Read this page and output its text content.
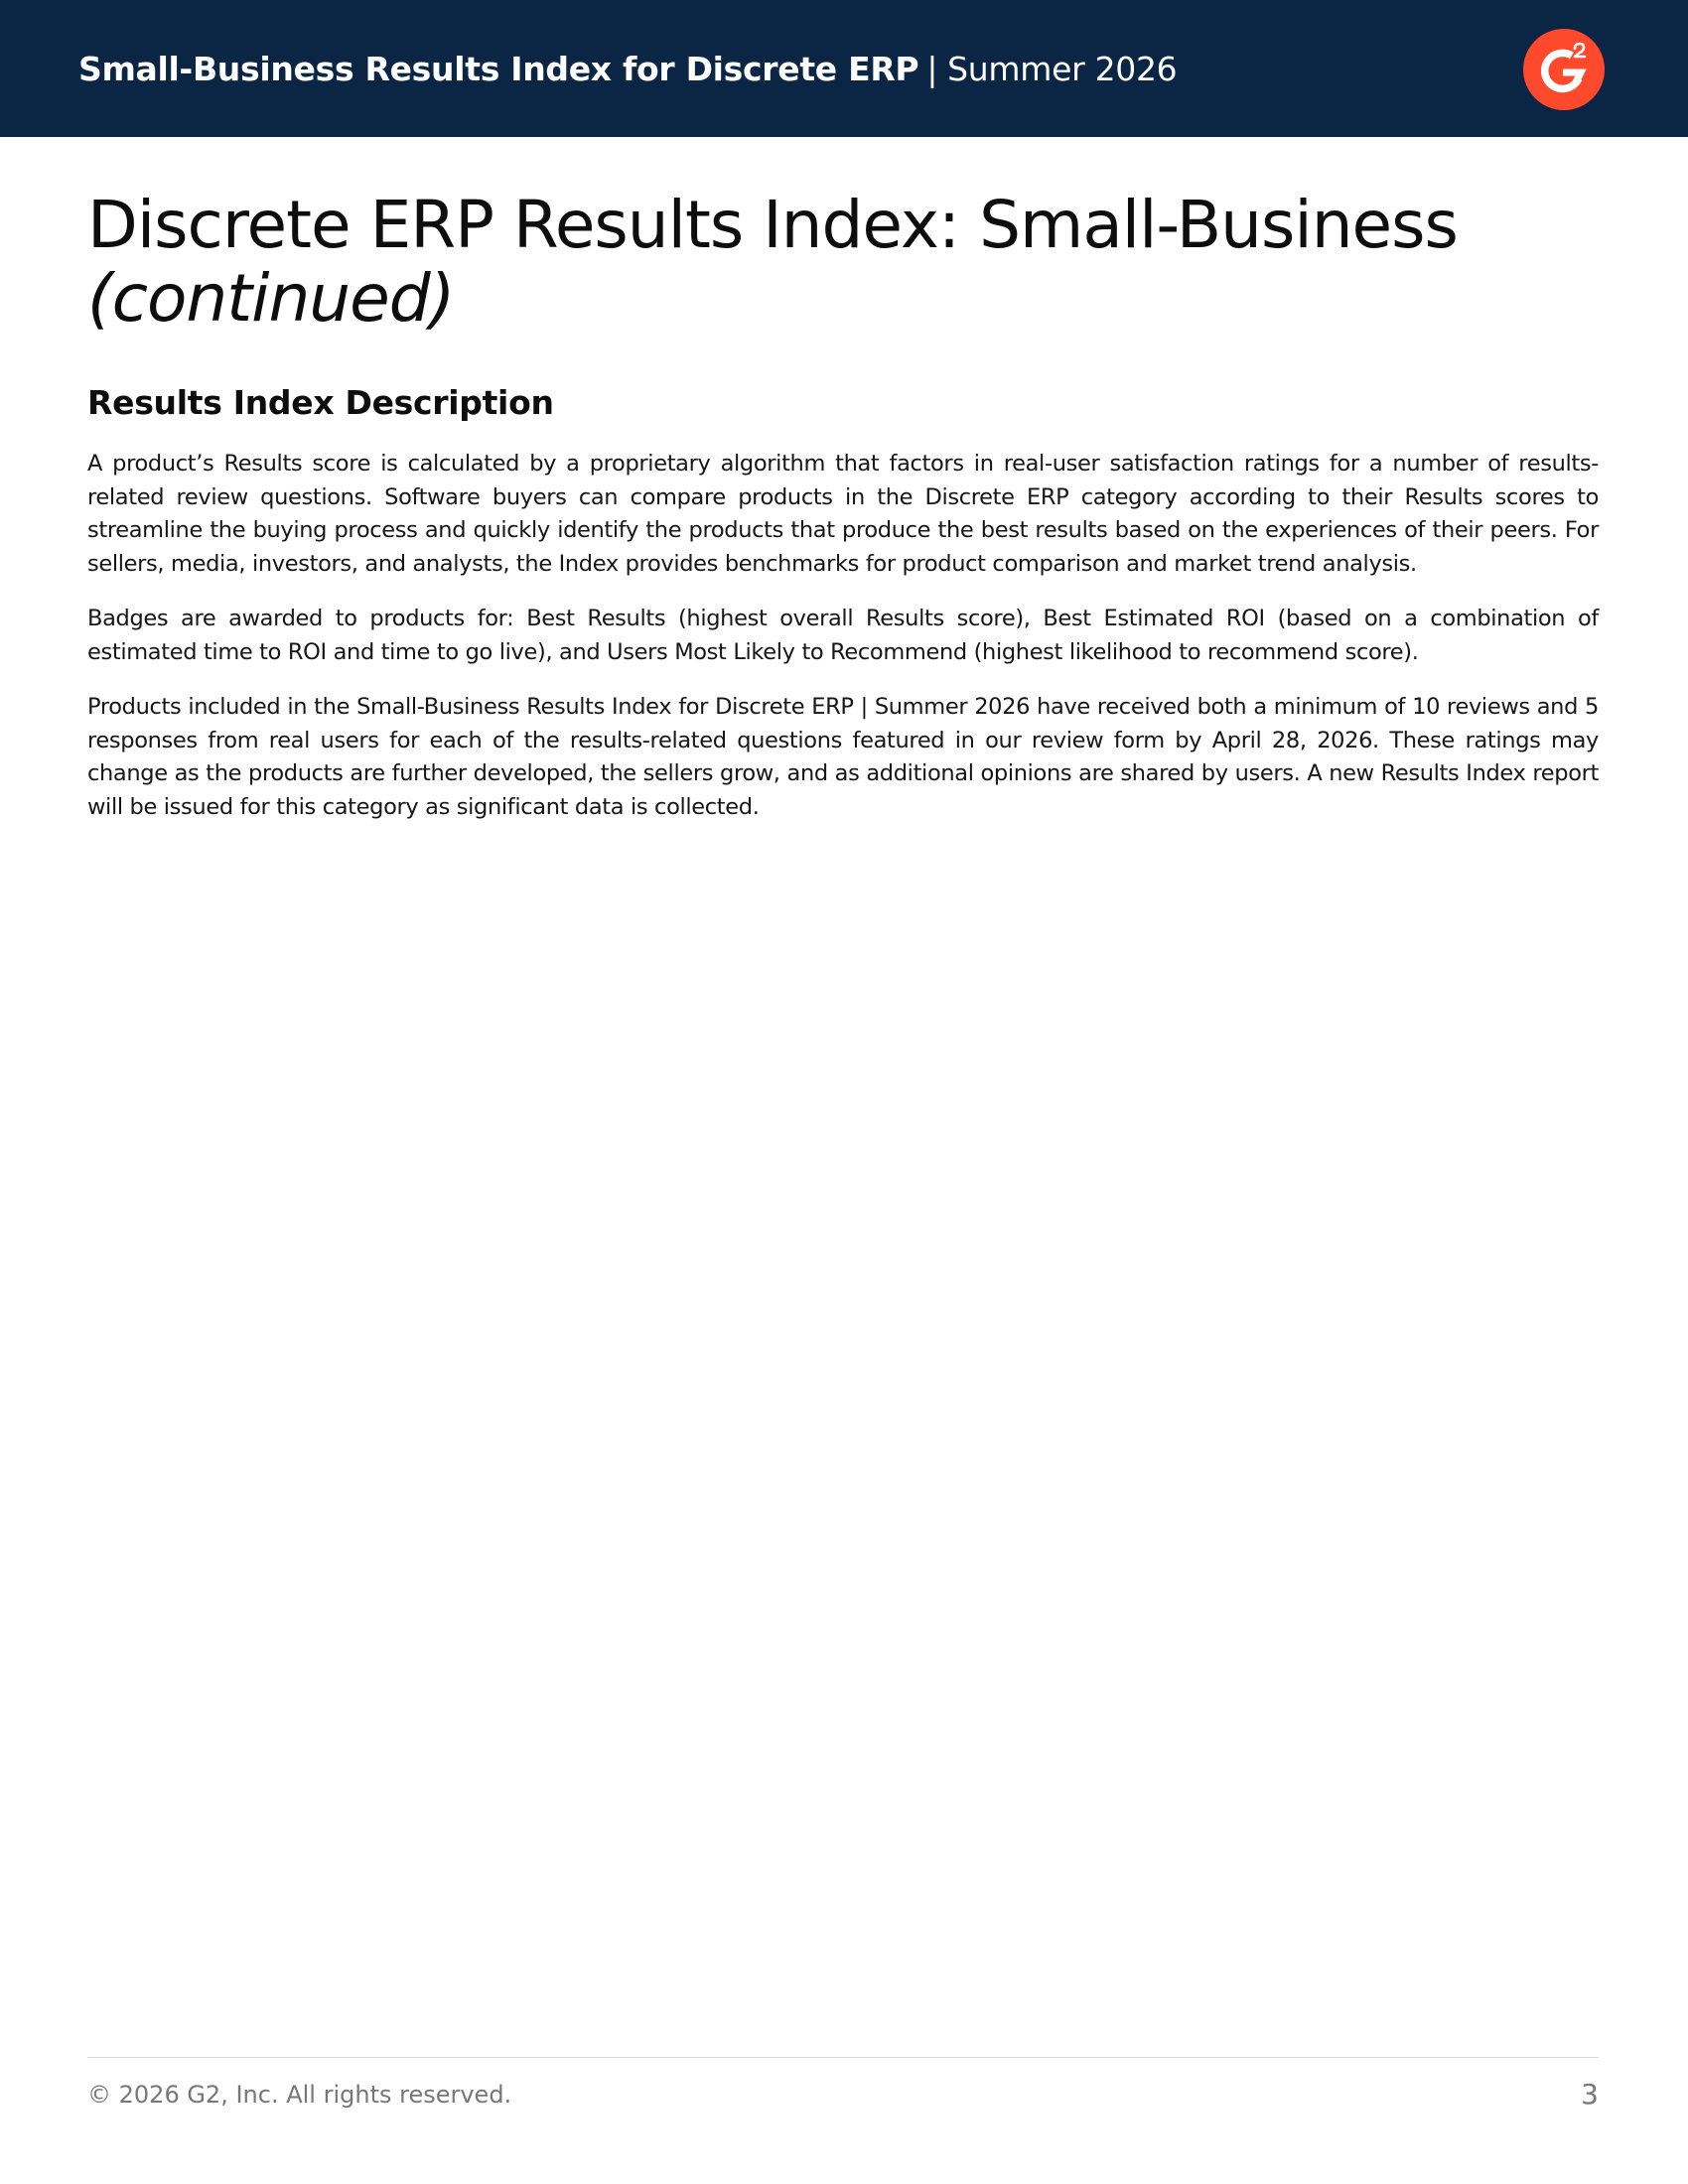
Small-Business Results Index for Discrete ERP | Summer 2026
Discrete ERP Results Index: Small-Business
(continued)
Results Index Description

A product’s Results score is calculated by a proprietary algorithm that factors in real-user satisfaction ratings for a number of results-related review questions. Software buyers can compare products in the Discrete ERP category according to their Results scores to streamline the buying process and quickly identify the products that produce the best results based on the experiences of their peers. For sellers, media, investors, and analysts, the Index provides benchmarks for product comparison and market trend analysis.

Badges are awarded to products for: Best Results (highest overall Results score), Best Estimated ROI (based on a combination of estimated time to ROI and time to go live), and Users Most Likely to Recommend (highest likelihood to recommend score).

Products included in the Small-Business Results Index for Discrete ERP | Summer 2026 have received both a minimum of 10 reviews and 5 responses from real users for each of the results-related questions featured in our review form by April 28, 2026. These ratings may change as the products are further developed, the sellers grow, and as additional opinions are shared by users. A new Results Index report will be issued for this category as significant data is collected.

© 2026 G2, Inc. All rights reserved.	3
